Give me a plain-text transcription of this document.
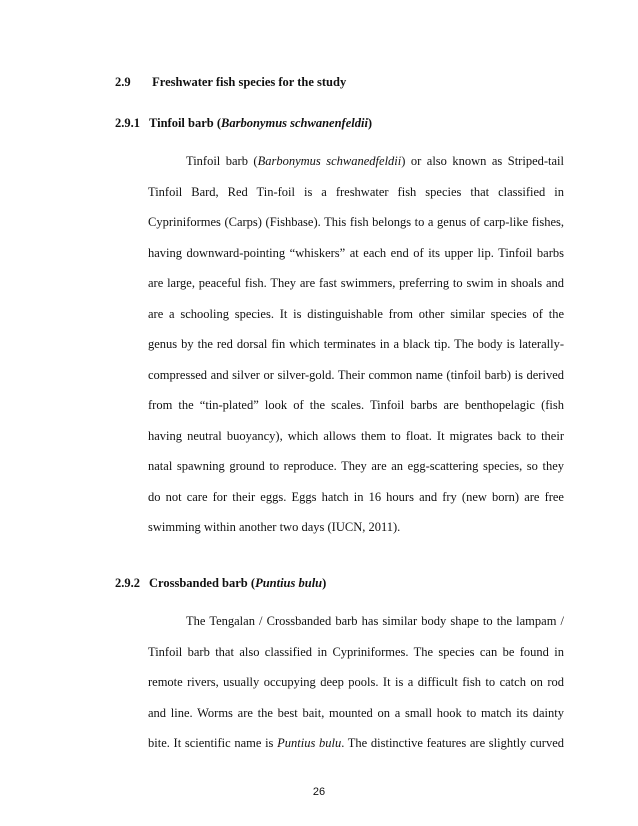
2.9 Freshwater fish species for the study
2.9.1 Tinfoil barb (Barbonymus schwanenfeldii)
Tinfoil barb (Barbonymus schwanedfeldii) or also known as Striped-tail
Tinfoil Bard, Red Tin-foil is a freshwater fish species that classified in
Cypriniformes (Carps) (Fishbase). This fish belongs to a genus of carp-like fishes,
having downward-pointing “whiskers” at each end of its upper lip. Tinfoil barbs
are large, peaceful fish. They are fast swimmers, preferring to swim in shoals and
are a schooling species. It is distinguishable from other similar species of the
genus by the red dorsal fin which terminates in a black tip. The body is laterally-
compressed and silver or silver-gold. Their common name (tinfoil barb) is derived
from the “tin-plated” look of the scales. Tinfoil barbs are benthopelagic (fish
having neutral buoyancy), which allows them to float. It migrates back to their
natal spawning ground to reproduce. They are an egg-scattering species, so they
do not care for their eggs. Eggs hatch in 16 hours and fry (new born) are free
swimming within another two days (IUCN, 2011).
2.9.2 Crossbanded barb (Puntius bulu)
The Tengalan / Crossbanded barb has similar body shape to the lampam /
Tinfoil barb that also classified in Cypriniformes. The species can be found in
remote rivers, usually occupying deep pools. It is a difficult fish to catch on rod
and line. Worms are the best bait, mounted on a small hook to match its dainty
bite. It scientific name is Puntius bulu. The distinctive features are slightly curved
26
